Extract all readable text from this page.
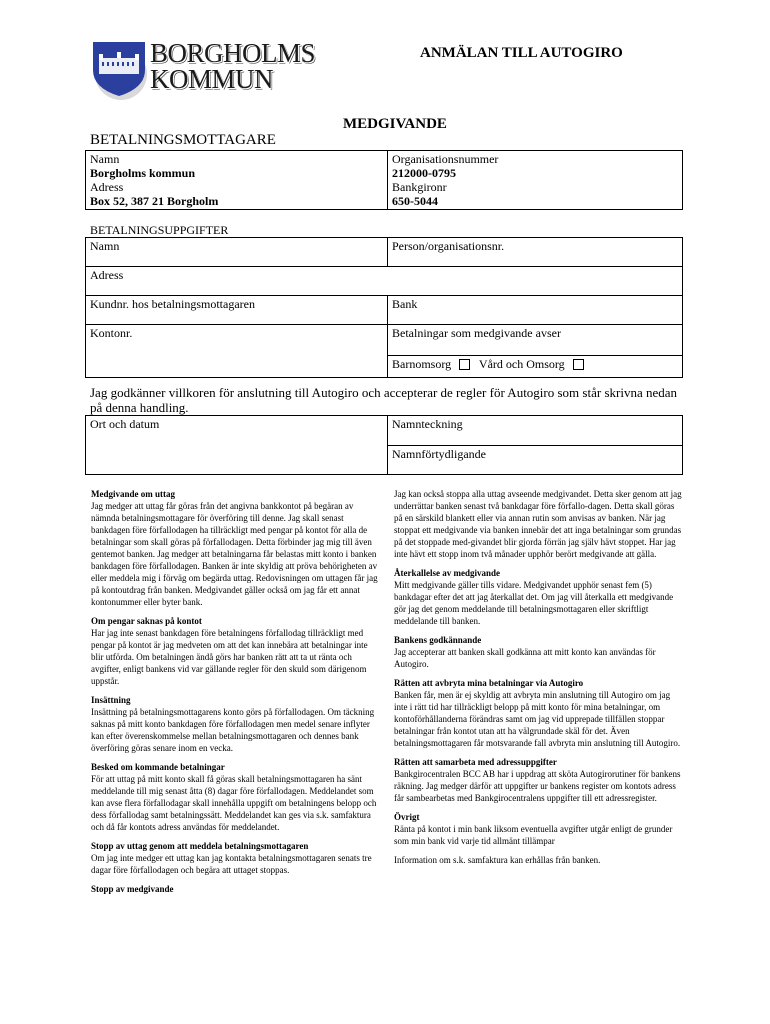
BORGHOLMS
KOMMUN
ANMÄLAN TILL AUTOGIRO
MEDGIVANDE
BETALNINGSMOTTAGARE
Namn
Borgholms kommun
Adress
Box 52, 387 21 Borgholm

Organisationsnummer
212000-0795
Bankgironr
650-5044
BETALNINGSUPPGIFTER
Namn	Person/organisationsnr.
Adress	
Kundnr. hos betalningsmottagaren	Bank
Kontonr.	Betalningar som medgivande avser
	Barnomsorg Vård och Omsorg
Jag godkänner villkoren för anslutning till Autogiro och accepterar de regler för Autogiro som står skrivna nedan på denna handling.
Ort och datum	Namnteckning
Namnförtydligande

Medgivande om uttag
Jag medger att uttag får göras från det angivna bankkontot på begäran av nämnda betalningsmottagare för överföring till denne. Jag skall senast bankdagen före förfallodagen ha tillräckligt med pengar på kontot för alla de betalningar som skall göras på förfallodagen. Detta förbinder jag mig till även gentemot banken. Jag medger att betalningarna får belastas mitt konto i banken bankdagen före förfallodagen. Banken är inte skyldig att pröva behörigheten av eller meddela mig i förväg om begärda uttag. Redovisningen om uttagen får jag på kontoutdrag från banken. Medgivandet gäller också om jag får ett annat kontonummer eller byter bank.

Om pengar saknas på kontot
Har jag inte senast bankdagen före betalningens förfallodag tillräckligt med pengar på kontot är jag medveten om att det kan innebära att betalningar inte blir utförda. Om betalningen ändå görs har banken rätt att ta ut ränta och avgifter, enligt bankens vid var gällande regler för den skuld som därigenom uppstår.

Insättning
Insättning på betalningsmottagarens konto görs på förfallodagen. Om täckning saknas på mitt konto bankdagen före förfallodagen men medel senare inflyter kan efter överenskommelse mellan betalningsmottagaren och dennes bank överföring göras senare inom en vecka.

Besked om kommande betalningar
För att uttag på mitt konto skall få göras skall betalningsmottagaren ha sänt meddelande till mig senast åtta (8) dagar före förfallodagen. Meddelandet som kan avse flera förfallodagar skall innehålla uppgift om betalningens belopp och dess förfallodag samt betalningssätt. Meddelandet kan ges via s.k. samfaktura och då får kontots adress användas för meddelandet.

Stopp av uttag genom att meddela betalningsmottagaren
Om jag inte medger ett uttag kan jag kontakta betalningsmottagaren senats tre dagar före förfallodagen och begära att uttaget stoppas.

Stopp av medgivande

Jag kan också stoppa alla uttag avseende medgivandet. Detta sker genom att jag underrättar banken senast två bankdagar före förfallo-dagen. Detta skall göras på en särskild blankett eller via annan rutin som anvisas av banken. När jag stoppat ett medgivande via banken innebär det att inga betalningar som grundas på det stoppade med-givandet blir gjorda förrän jag själv hävt stoppet. Har jag inte hävt ett stopp inom två månader upphör berört medgivande att gälla.

Återkallelse av medgivande
Mitt medgivande gäller tills vidare. Medgivandet upphör senast fem (5) bankdagar efter det att jag återkallat det. Om jag vill återkalla ett medgivande gör jag det genom meddelande till betalningsmottagaren eller skriftligt meddelande till banken.

Bankens godkännande
Jag accepterar att banken skall godkänna att mitt konto kan användas för Autogiro.

Rätten att avbryta mina betalningar via Autogiro
Banken får, men är ej skyldig att avbryta min anslutning till Autogiro om jag inte i rätt tid har tillräckligt belopp på mitt konto för mina betalningar, om kontoförhållanderna förändras samt om jag vid upprepade tillfällen stoppar betalningar från kontot utan att ha välgrundade skäl för det. Även betalningsmottagaren får motsvarande fall avbryta min anslutning till Autogiro.

Rätten att samarbeta med adressuppgifter
Bankgirocentralen BCC AB har i uppdrag att sköta Autogirorutiner för bankens räkning. Jag medger därför att uppgifter ur bankens register om kontots adress får sambearbetas med Bankgirocentralens uppgifter till ett adressregister.

Övrigt
Ränta på kontot i min bank liksom eventuella avgifter utgår enligt de grunder som min bank vid varje tid allmänt tillämpar

Information om s.k. samfaktura kan erhållas från banken.
